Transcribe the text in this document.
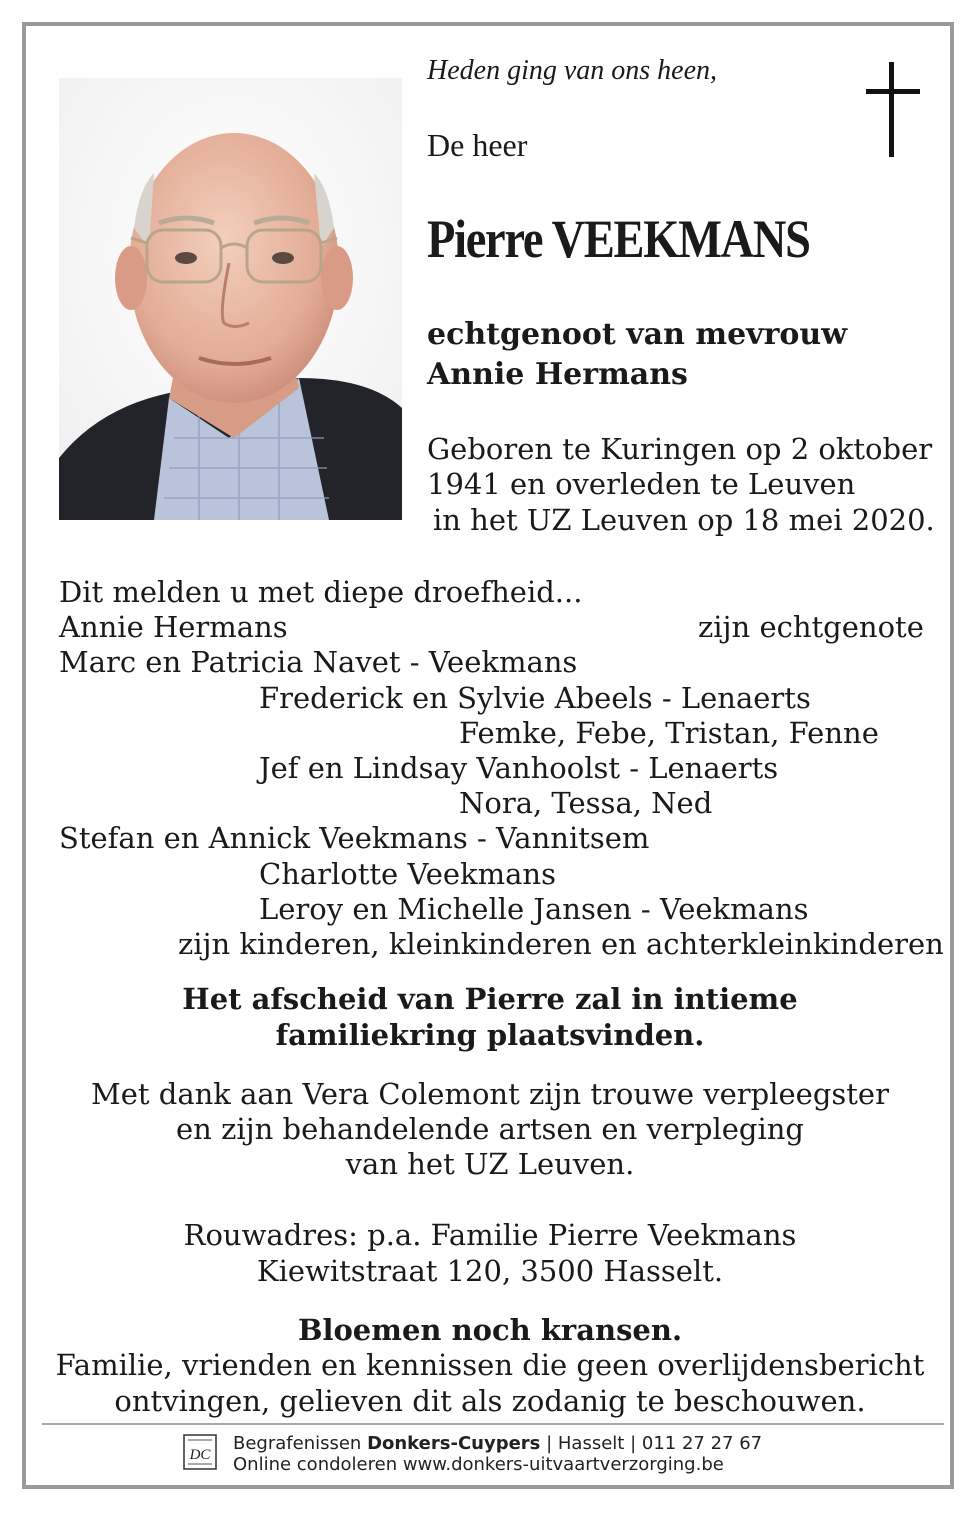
Heden ging van ons heen,
De heer
Pierre VEEKMANS
echtgenoot van mevrouw
Annie Hermans
Geboren te Kuringen op 2 oktober
1941 en overleden te Leuven
in het UZ Leuven op 18 mei 2020.
Dit melden u met diepe droefheid...
Annie Hermans	zijn echtgenote
Marc en Patricia Navet - Veekmans
Frederick en Sylvie Abeels - Lenaerts
Femke, Febe, Tristan, Fenne
Jef en Lindsay Vanhoolst - Lenaerts
Nora, Tessa, Ned
Stefan en Annick Veekmans - Vannitsem
Charlotte Veekmans
Leroy en Michelle Jansen - Veekmans
zijn kinderen, kleinkinderen en achterkleinkinderen
Het afscheid van Pierre zal in intieme
familiekring plaatsvinden.
Met dank aan Vera Colemont zijn trouwe verpleegster
en zijn behandelende artsen en verpleging
van het UZ Leuven.
Rouwadres: p.a. Familie Pierre Veekmans
Kiewitstraat 120, 3500 Hasselt.
Bloemen noch kransen.
Familie, vrienden en kennissen die geen overlijdensbericht
ontvingen, gelieven dit als zodanig te beschouwen.
DC
Begrafenissen Donkers-Cuypers | Hasselt | 011 27 27 67
Online condoleren www.donkers-uitvaartverzorging.be
